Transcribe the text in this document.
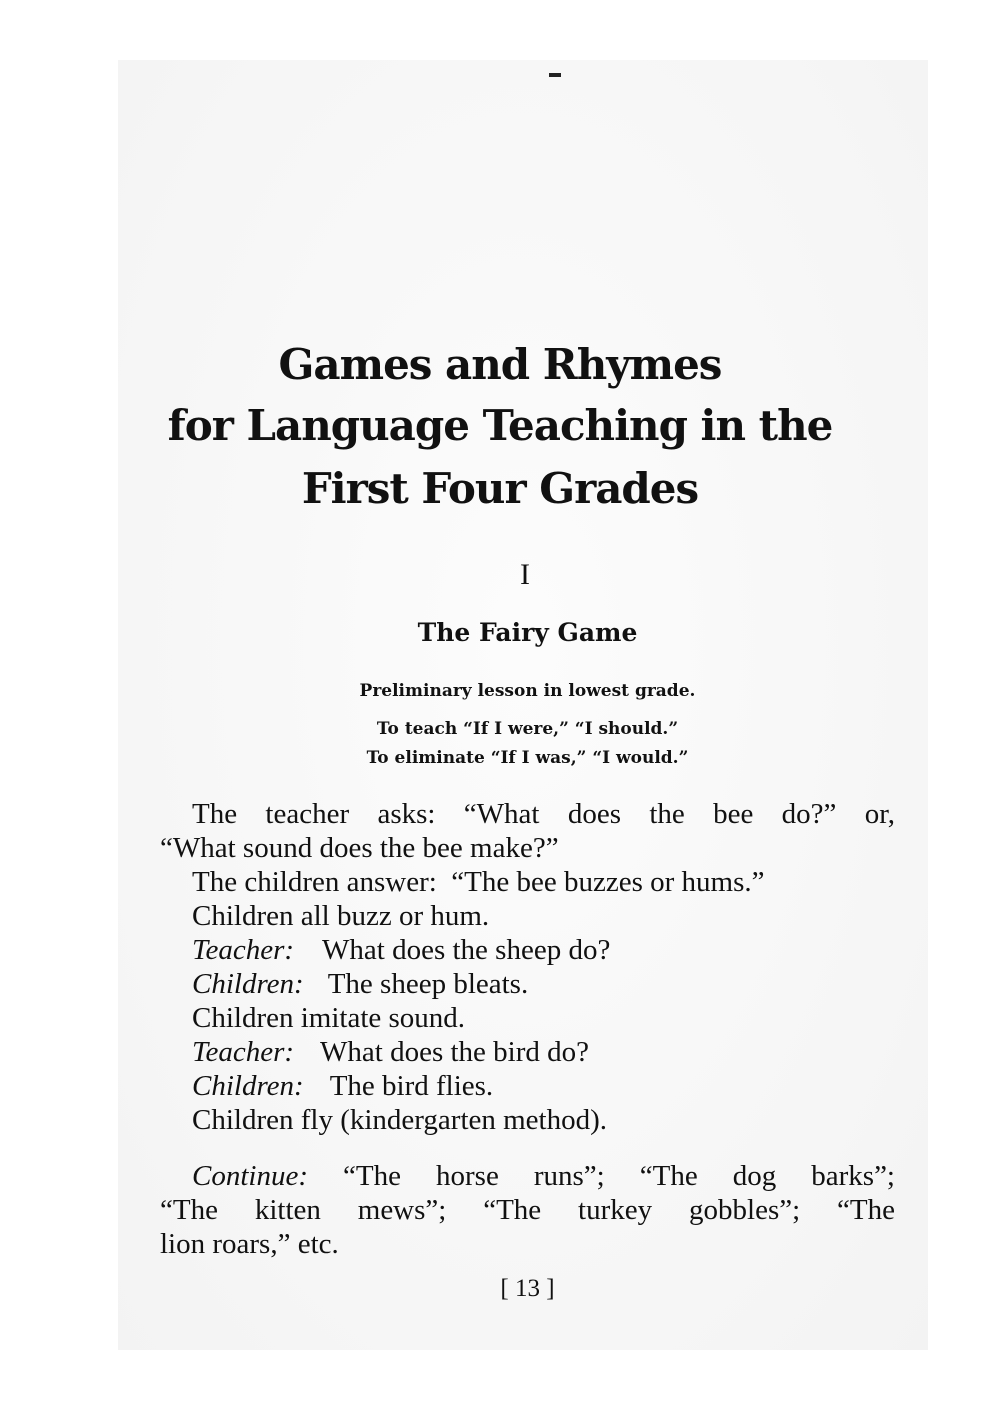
Games and Rhymes
for Language Teaching in the
First Four Grades
I
The Fairy Game
Preliminary lesson in lowest grade.
To teach “If I were,” “I should.”
To eliminate “If I was,” “I would.”
The teacher asks: “What does the bee do?” or,
“What sound does the bee make?”
The children answer:  “The bee buzzes or hums.”
Children all buzz or hum.
Teacher: What does the sheep do?
Children: The sheep bleats.
Children imitate sound.
Teacher: What does the bird do?
Children: The bird flies.
Children fly (kindergarten method).
Continue: “The horse runs”; “The dog barks”;
“The kitten mews”; “The turkey gobbles”; “The
lion roars,” etc.
[ 13 ]
